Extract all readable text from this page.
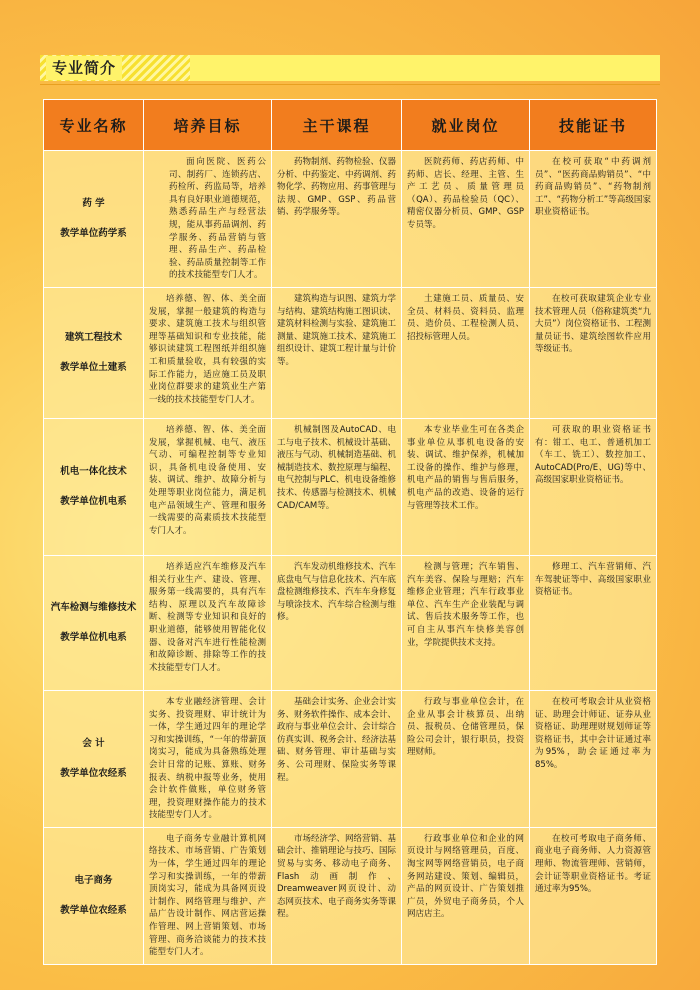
专业简介
专业名称	培养目标	主干课程	就业岗位	技能证书

药 学
教学单位药学系	面向医院、医药公司、制药厂、连锁药店、药检所、药监局等，培养具有良好职业道德规范，熟悉药品生产与经营法规，能从事药品调剂、药学服务、药品营销与管理、药品生产、药品检验、药品质量控制等工作的技术技能型专门人才。	药物制剂、药物检验、仪器分析、中药鉴定、中药调剂、药物化学、药物应用、药事管理与法规、GMP、GSP、药品营销、药学服务等。	医院药师、药店药师、中药师、店长、经理、主管、生产工艺员、质量管理员（QA）、药品检验员（QC）、精密仪器分析员、GMP、GSP专员等。	在校可获取“中药调剂员”、“医药商品购销员”、“中药商品购销员”、“药物制剂工”、“药物分析工”等高级国家职业资格证书。

建筑工程技术
教学单位土建系	培养德、智、体、美全面发展，掌握一般建筑的构造与要求、建筑施工技术与组织管理等基础知识和专业技能，能够识读建筑工程图纸并组织施工和质量验收，具有较强的实际工作能力，适应施工员及职业岗位群要求的建筑业生产第一线的技术技能型专门人才。	建筑构造与识图、建筑力学与结构、建筑结构施工图识读、建筑材料检测与实验、建筑施工测量、建筑施工技术、建筑施工组织设计、建筑工程计量与计价等。	土建施工员、质量员、安全员、材料员、资料员、监理员、造价员、工程检测人员、招投标管理人员。	在校可获取建筑企业专业技术管理人员（俗称建筑类“九大员”）岗位资格证书、工程测量员证书、建筑绘图软件应用等级证书。

机电一体化技术
教学单位机电系	培养德、智、体、美全面发展，掌握机械、电气、液压气动、可编程控制等专业知识，具备机电设备使用、安装、调试、维护、故障分析与处理等职业岗位能力，满足机电产品领域生产、管理和服务一线需要的高素质技术技能型专门人才。	机械制图及AutoCAD、电工与电子技术、机械设计基础、液压与气动、机械制造基础、机械制造技术、数控原理与编程、电气控制与PLC、机电设备维修技术、传感器与检测技术、机械CAD/CAM等。	本专业毕业生可在各类企事业单位从事机电设备的安装、调试、维护保养，机械加工设备的操作、维护与修理，机电产品的销售与售后服务，机电产品的改造、设备的运行与管理等技术工作。	可获取的职业资格证书有：钳工、电工、普通机加工（车工、铣工）、数控加工、AutoCAD(Pro/E、UG)等中、高级国家职业资格证书。

汽车检测与维修技术
教学单位机电系	培养适应汽车维修及汽车相关行业生产、建设、管理、服务第一线需要的，具有汽车结构、原理以及汽车故障诊断、检测等专业知识和良好的职业道德，能够使用智能化仪器、设备对汽车进行性能检测和故障诊断、排除等工作的技术技能型专门人才。	汽车发动机维修技术、汽车底盘电气与信息化技术、汽车底盘检测维修技术、汽车车身修复与喷涂技术、汽车综合检测与维修。	检测与管理；汽车销售、汽车美容、保险与理赔；汽车维修企业管理；汽车行政事业单位、汽车生产企业装配与调试、售后技术服务等工作，也可自主从事汽车快修美容创业，学院提供技术支持。	修理工、汽车营销师、汽车驾驶证等中、高级国家职业资格证书。

会 计
教学单位农经系	本专业融经济管理、会计实务、投资理财、审计统计为一体，学生通过四年的理论学习和实操训练，“一年的带薪顶岗实习，能成为具备熟练处理会计日常的记账、算账、财务报表、纳税申报等业务，使用会计软件做账，单位财务管理，投资理财操作能力的技术技能型专门人才。	基础会计实务、企业会计实务、财务软件操作、成本会计、政府与事业单位会计、会计综合仿真实训、税务会计、经济法基础、财务管理、审计基础与实务、公司理财、保险实务等课程。	行政与事业单位会计，在企业从事会计核算员、出纳员、报税员、仓储管理员，保险公司会计，银行职员，投资理财师。	在校可考取会计从业资格证、助理会计师证、证券从业资格证、助理理财规划师证等资格证书，其中会计证通过率为95%，助会证通过率为85%。

电子商务
教学单位农经系	电子商务专业融计算机网络技术、市场营销、广告策划为一体，学生通过四年的理论学习和实操训练，一年的带薪顶岗实习，能成为具备网页设计制作、网络管理与维护、产品广告设计制作、网店营运操作管理、网上营销策划、市场管理、商务洽谈能力的技术技能型专门人才。	市场经济学、网络营销、基础会计、推销理论与技巧、国际贸易与实务、移动电子商务、Flash动画制作、Dreamweaver网页设计、动态网页技术、电子商务实务等课程。	行政事业单位和企业的网页设计与网络管理员，百度、淘宝网等网络营销员，电子商务网站建设、策划、编辑员，产品的网页设计、广告策划推广员，外贸电子商务员，个人网店店主。	在校可考取电子商务师、商业电子商务师、人力资源管理师、物流管理师、营销师，会计证等职业资格证书。考证通过率为95%。
